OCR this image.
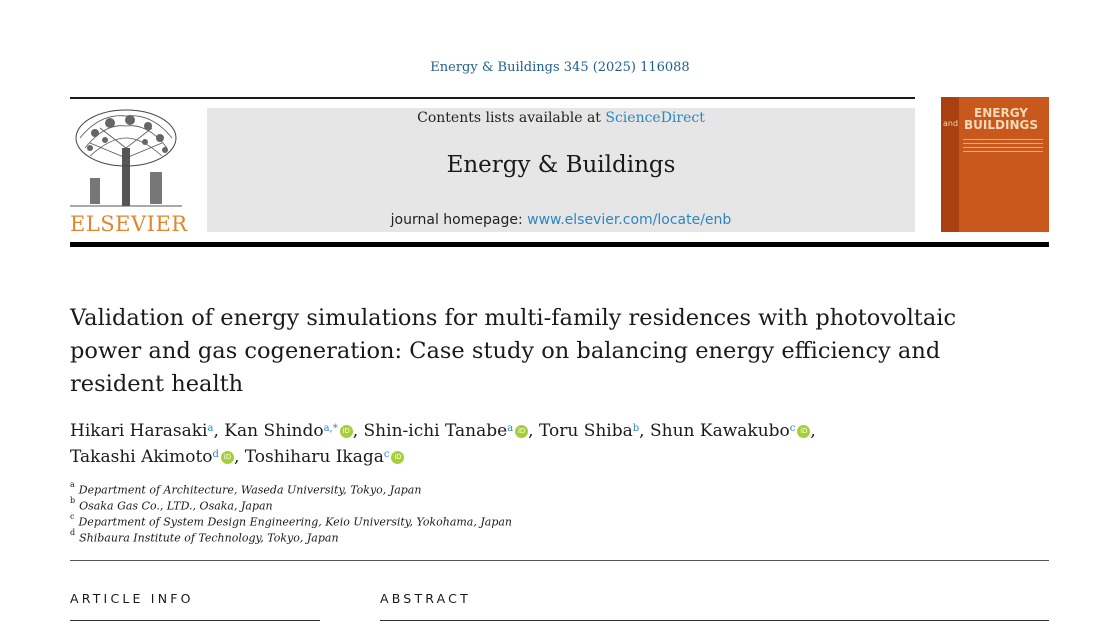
Energy & Buildings 345 (2025) 116088
ELSEVIER
Contents lists available at ScienceDirect
Energy & Buildings
journal homepage: www.elsevier.com/locate/enb
and
ENERGY BUILDINGS
Validation of energy simulations for multi-family residences with photovoltaic power and gas cogeneration: Case study on balancing energy efficiency and resident health
Hikari Harasaki$^a$, Kan Shindo$^{a,*}$ iD , Shin-ichi Tanabe$^a$ iD , Toru Shiba$^b$, Shun Kawakubo$^c$ iD ,
Takashi Akimoto$^d$ iD , Toshiharu Ikaga$^c$ iD
$^a$ Department of Architecture, Waseda University, Tokyo, Japan
$^b$ Osaka Gas Co., LTD., Osaka, Japan
$^c$ Department of System Design Engineering, Keio University, Yokohama, Japan
$^d$ Shibaura Institute of Technology, Tokyo, Japan
ARTICLE INFO	ABSTRACT
